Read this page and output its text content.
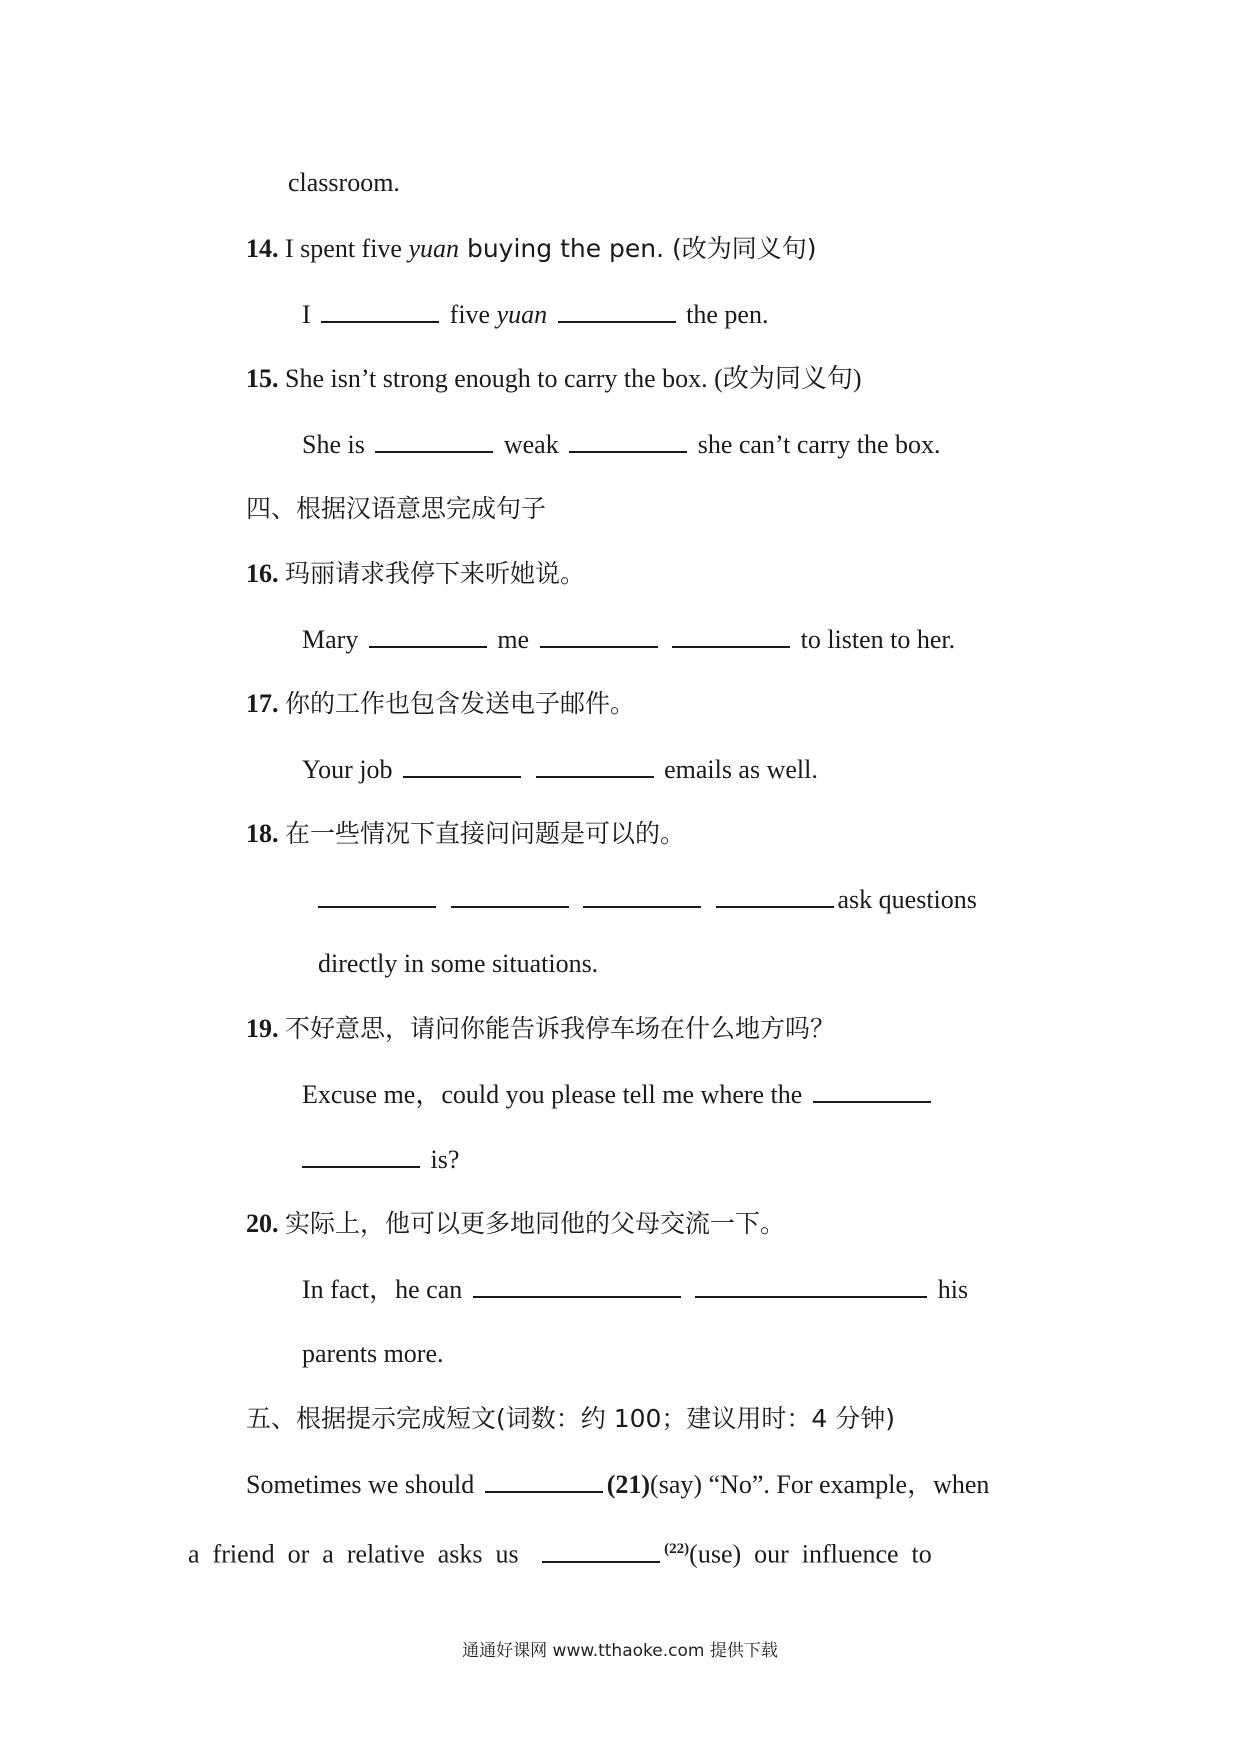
classroom.
14. I spent five yuan buying the pen. (改为同义句)
I	five yuan	the pen.
15. She isn’t strong enough to carry the box. (改为同义句)
She is	weak	she can’t carry the box.
四、根据汉语意思完成句子
16. 玛丽请求我停下来听她说。
Mary	me	to listen to her.
17. 你的工作也包含发送电子邮件。
Your job	emails as well.
18. 在一些情况下直接问问题是可以的。
ask questions
directly in some situations.
19. 不好意思，请问你能告诉我停车场在什么地方吗？
Excuse me，could you please tell me where the
is?
20. 实际上，他可以更多地同他的父母交流一下。
In fact，he can	his
parents more.
五、根据提示完成短文(词数：约 100；建议用时：4 分钟)
Sometimes we should	(21)(say) “No”. For example，when
a  friend  or  a  relative  asks  us	$^{(22)}$(use)  our  influence  to
通通好课网 www.tthaoke.com 提供下载
